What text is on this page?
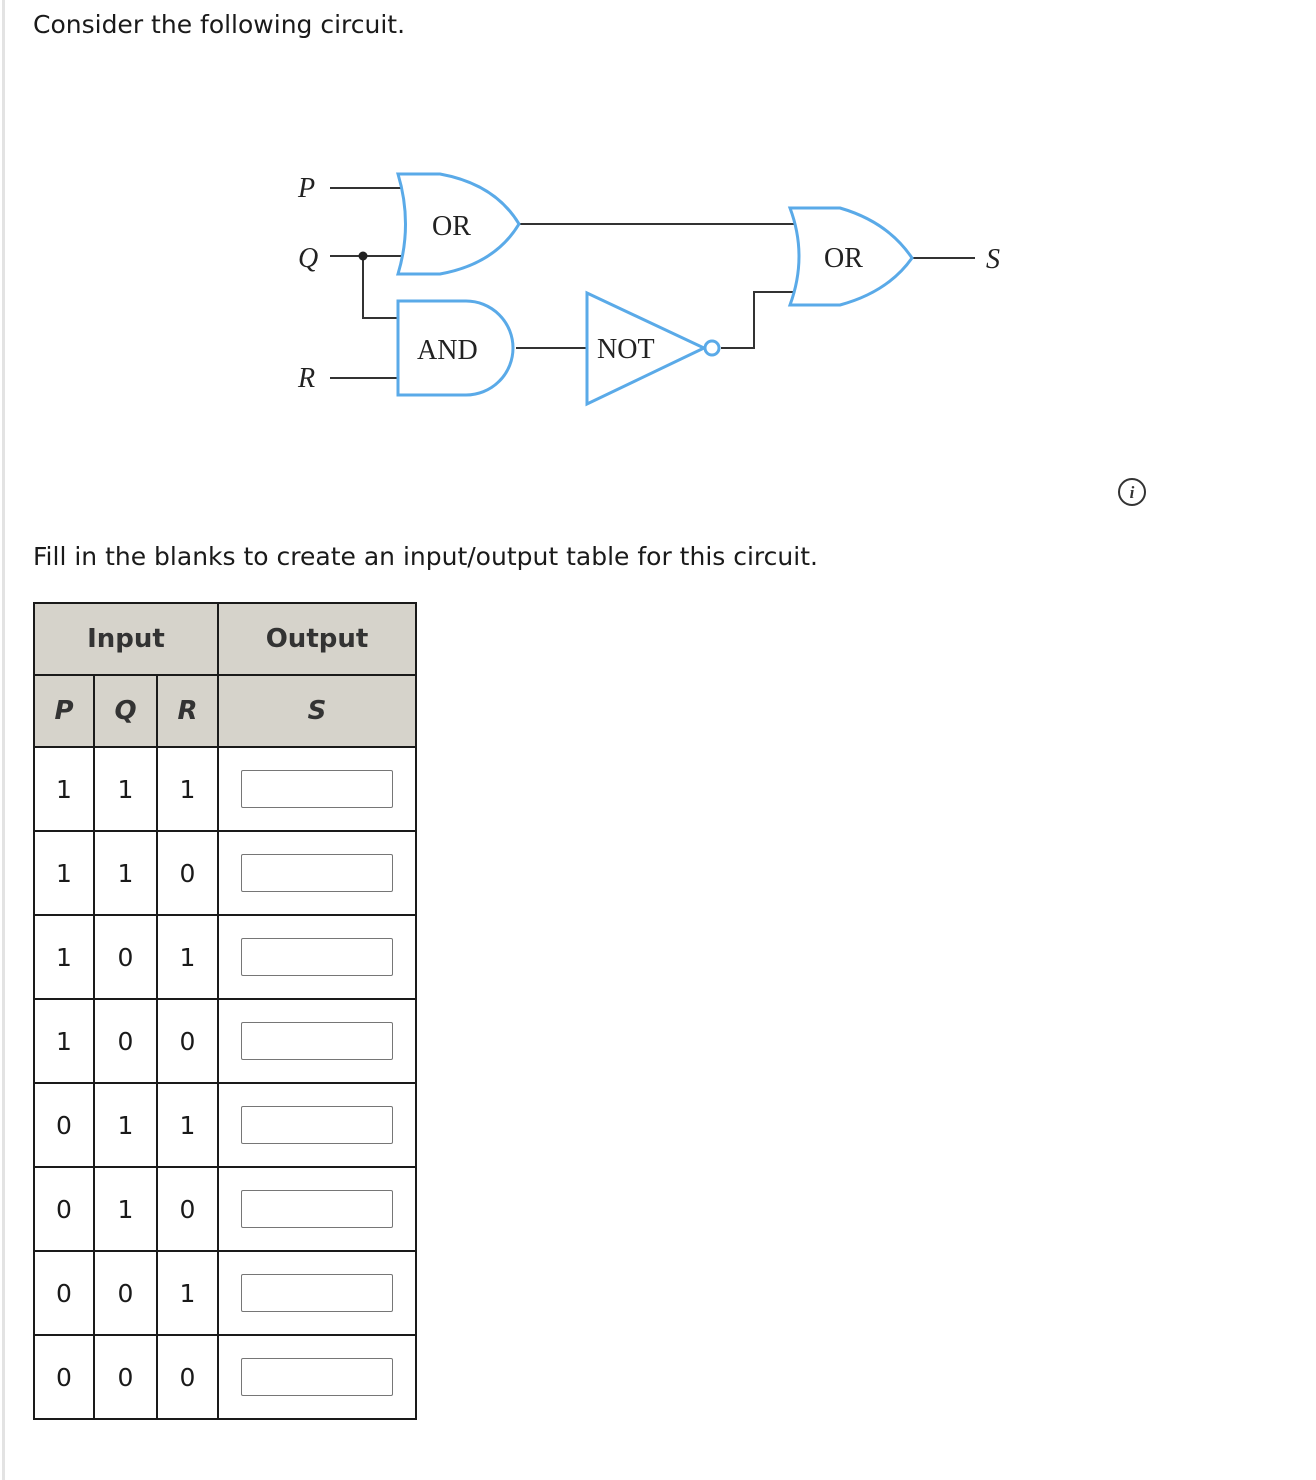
Consider the following circuit.

P
Q
R
S
OR
AND	NOT
OR
i

Fill in the blanks to create an input/output table for this circuit.

Input			Output
P	Q	R	S
1	1	1	
1	1	0	
1	0	1	
1	0	0	
0	1	1	
0	1	0	
0	0	1	
0	0	0	
